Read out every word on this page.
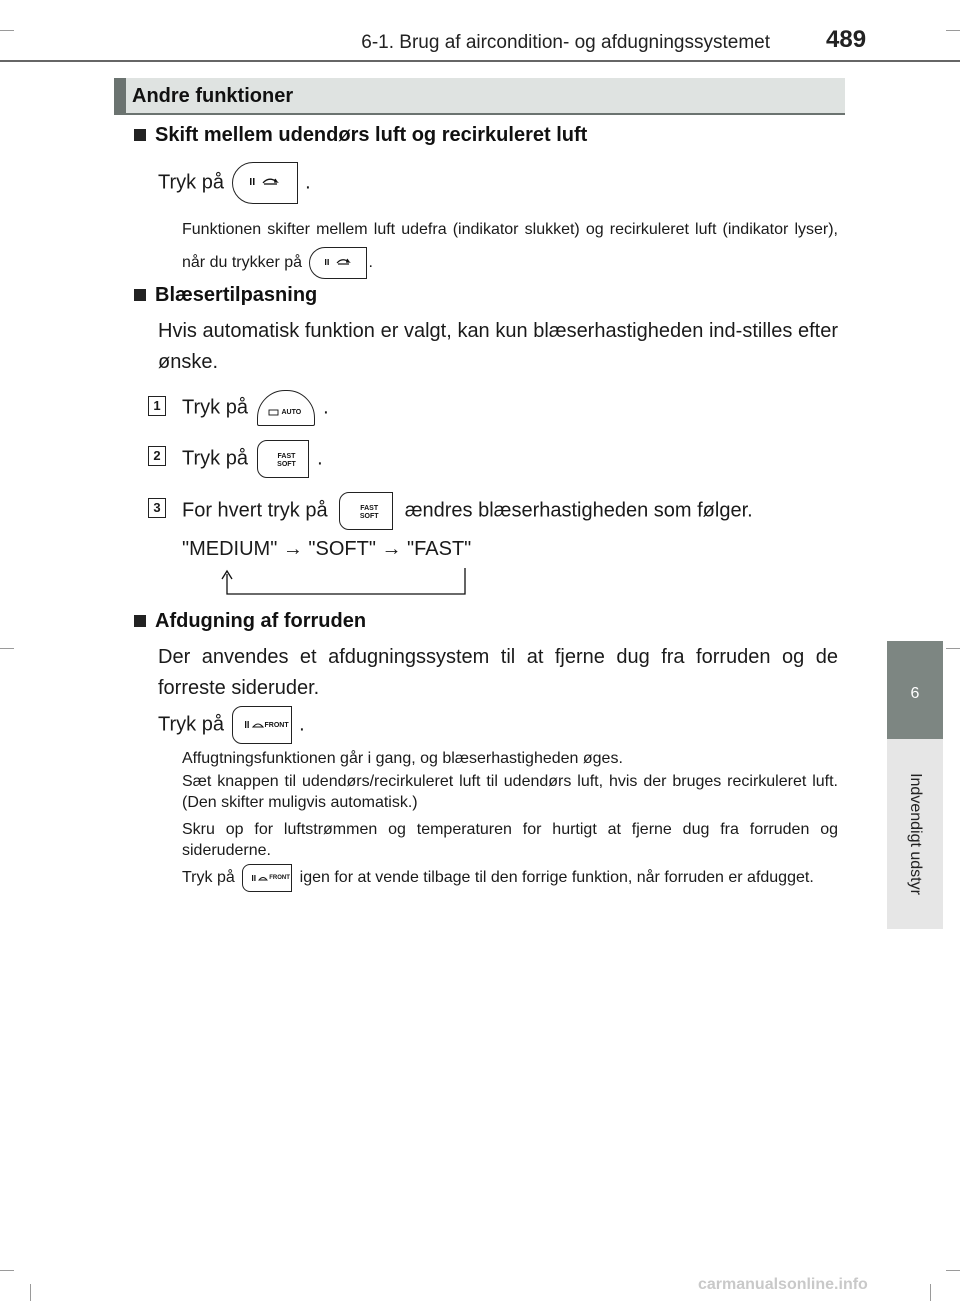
6-1. Brug af aircondition- og afdugningssystemet 489
6
Indvendigt udstyr
Andre funktioner
Skift mellem udendørs luft og recirkuleret luft
Tryk på	.
Funktionen skifter mellem luft udefra (indikator slukket) og recirkuleret luft (indikator lyser), når du trykker på	.
Blæsertilpasning
Hvis automatisk funktion er valgt, kan kun blæserhastigheden ind-stilles efter ønske.
1 Tryk på	AUTO .
2 Tryk på	FAST
SOFT .
3 For hvert tryk på	FAST
SOFT ændres blæserhastigheden som følger.
"MEDIUM" → "SOFT" → "FAST"
Afdugning af forruden
Der anvendes et afdugningssystem til at fjerne dug fra forruden og de forreste sideruder.
Tryk på	FRONT .
Affugtningsfunktionen går i gang, og blæserhastigheden øges.
Sæt knappen til udendørs/recirkuleret luft til udendørs luft, hvis der bruges recirkuleret luft. (Den skifter muligvis automatisk.)
Skru op for luftstrømmen og temperaturen for hurtigt at fjerne dug fra forruden og sideruderne.
Tryk på	FRONT igen for at vende tilbage til den forrige funktion, når forruden er afdugget.
carmanualsonline.info
